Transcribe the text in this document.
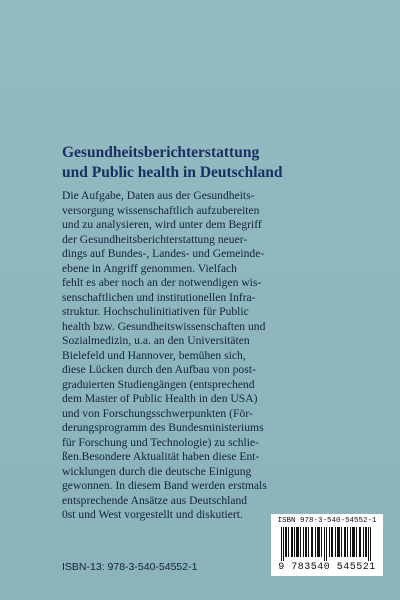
Gesundheitsberichterstattung
und Public health in Deutschland
Die Aufgabe, Daten aus der Gesundheits-
versorgung wissenschaftlich aufzubereiten
und zu analysieren, wird unter dem Begriff
der Gesundheitsberichterstattung neuer-
dings auf Bundes-, Landes- und Gemeinde-
ebene in Angriff genommen. Vielfach
fehlt es aber noch an der notwendigen wis-
senschaftlichen und institutionellen Infra-
struktur. Hochschulinitiativen für Public
health bzw. Gesundheitswissenschaften und
Sozialmedizin, u.a. an den Universitäten
Bielefeld und Hannover, bemühen sich,
diese Lücken durch den Aufbau von post-
graduierten Studiengängen (entsprechend
dem Master of Public Health in den USA)
und von Forschungsschwerpunkten (För-
derungsprogramm des Bundesministeriums
für Forschung und Technologie) zu schlie-
ßen.Besondere Aktualität haben diese Ent-
wicklungen durch die deutsche Einigung
gewonnen. In diesem Band werden erstmals
entsprechende Ansätze aus Deutschland
0st und West vorgestellt und diskutiert.
ISBN-13: 978-3-540-54552-1
ISBN 978-3-540-54552-1
9 783540 545521
